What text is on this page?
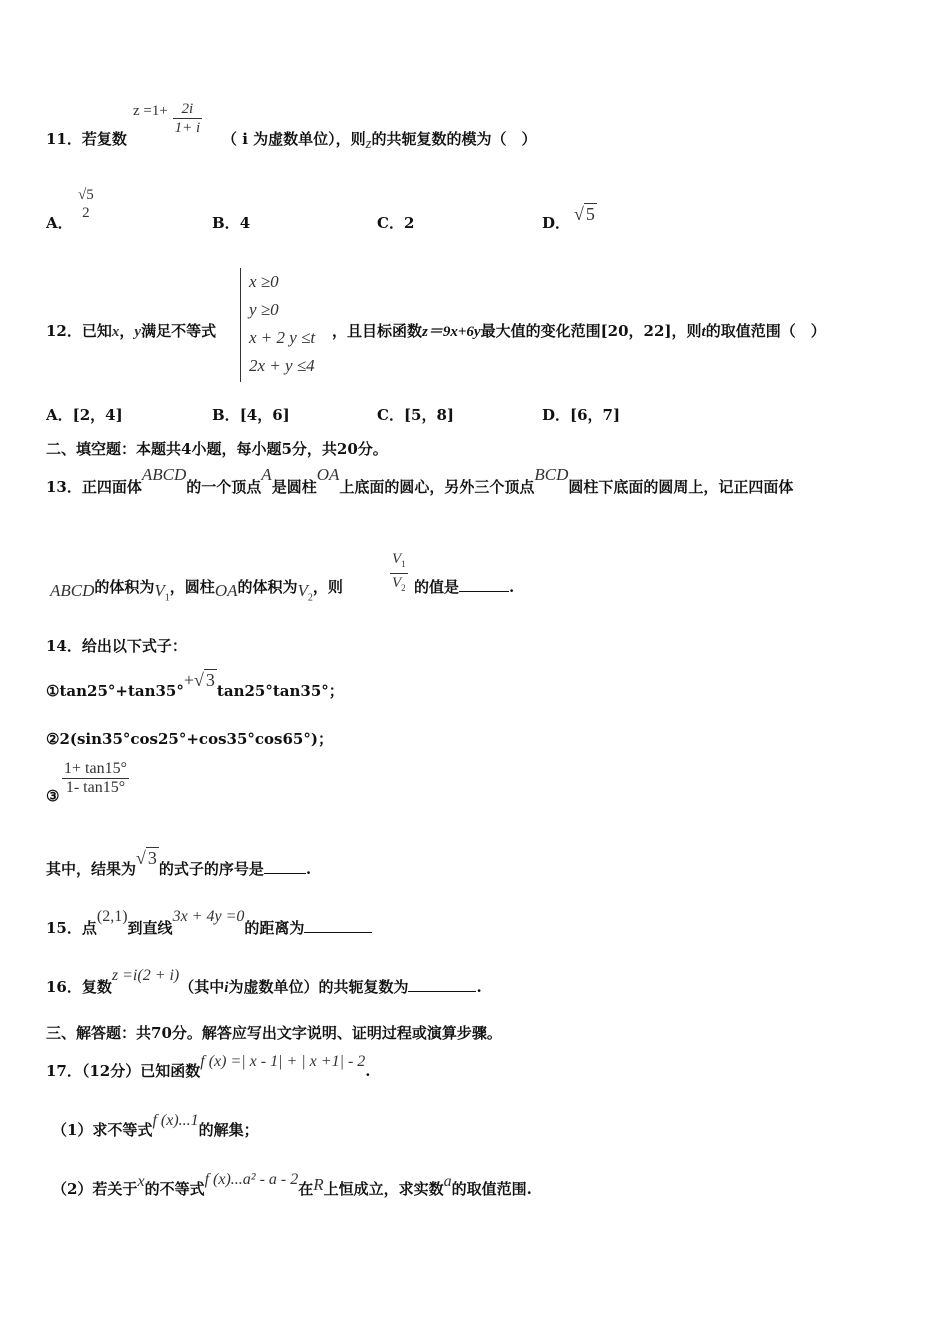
11．若复数
$z =1+ \frac{2i}{1+ i}$
（ i 为虚数单位），则z的共轭复数的模为（　）
A．
√5
2
B．4	C．2	D． √ 5
12．已知x，y满足不等式
x ≥0
y ≥0
x + 2 y ≤t
2x + y ≤4
，且目标函数z＝9x+6y最大值的变化范围[20，22]，则t的取值范围（　）
A．[2，4]	B．[4，6]	C．[5，8]	D．[6，7]
二、填空题：本题共4小题，每小题5分，共20分。
13．正四面体ABCD的一个顶点A是圆柱OA上底面的圆心，另外三个顶点BCD圆柱下底面的圆周上，记正四面体
ABCD的体积为$V_1$，圆柱OA的体积为$V_2$，则	$\frac{V_1}{V_2}$ 的值是	.
14．给出以下式子：
①tan25°+tan35°+√ 3tan25°tan35°；
②2(sin35°cos25°+cos35°cos65°)；
③ $\frac{1+ \tan 15^\circ}{1- \tan 15^\circ}$
其中，结果为√ 3的式子的序号是	.
15．点(2,1)到直线3x + 4y =0的距离为
16．复数z =i(2 + i)（其中i为虚数单位）的共轭复数为	.
三、解答题：共70分。解答应写出文字说明、证明过程或演算步骤。
17．（12分）已知函数f (x) =| x - 1| + | x +1| - 2.
（1）求不等式f (x)...1的解集；
（2）若关于x的不等式f (x)...a² - a - 2在R上恒成立，求实数a的取值范围.
